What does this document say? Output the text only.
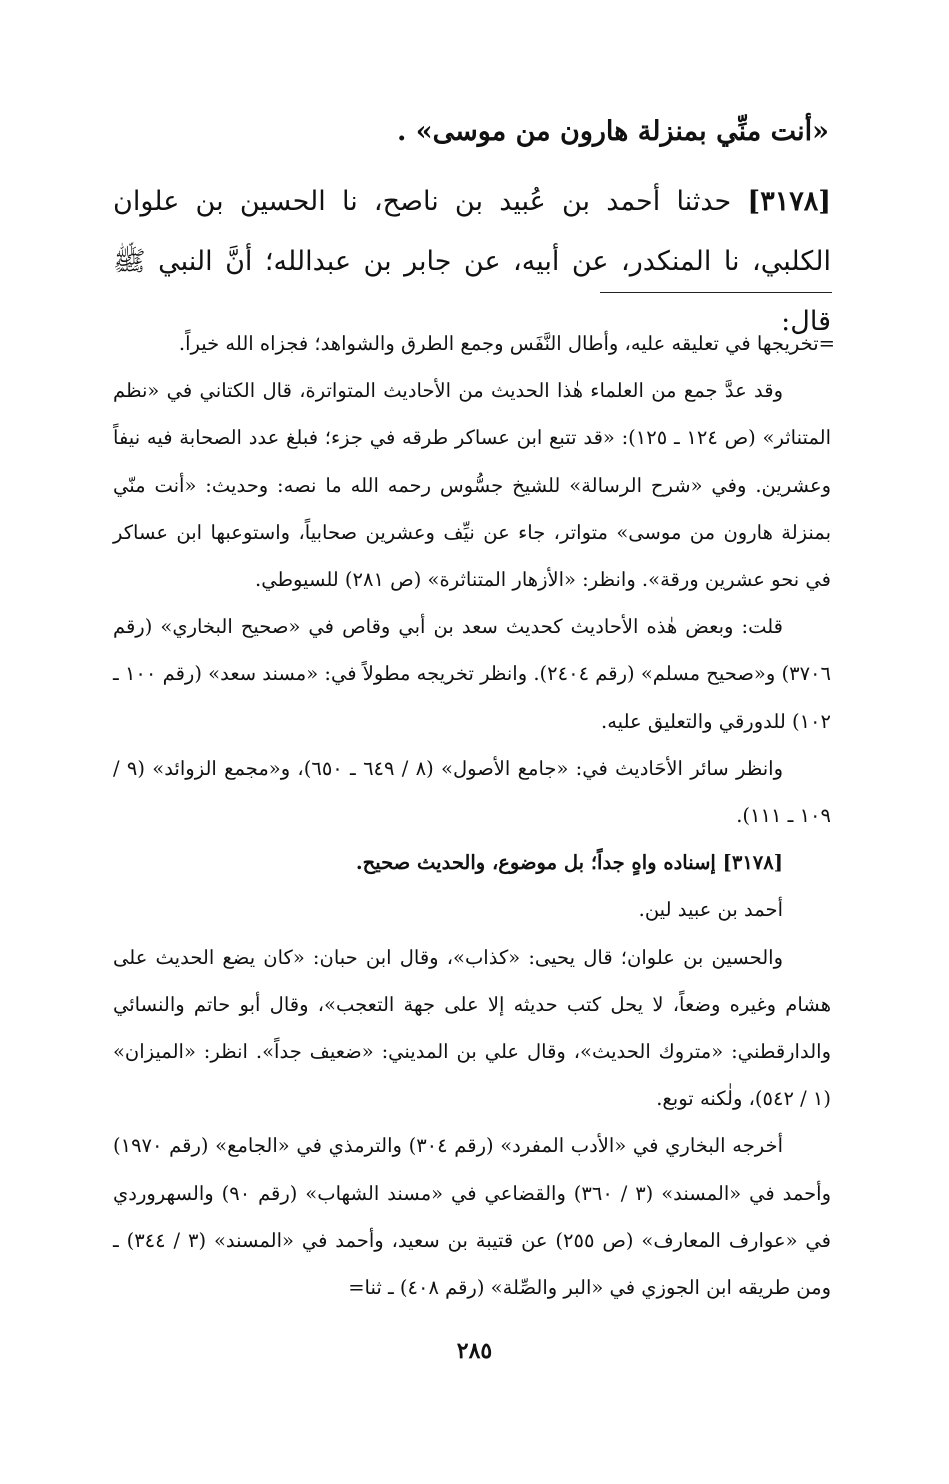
«أنت منِّي بمنزلة هارون من موسى» .
[٣١٧٨] حدثنا أحمد بن عُبيد بن ناصح، نا الحسين بن علوان الكلبي، نا المنكدر، عن أبيه، عن جابر بن عبدالله؛ أنَّ النبي ﷺ قال:

=تخريجها في تعليقه عليه، وأطال النَّفَس وجمع الطرق والشواهد؛ فجزاه الله خيراً.

وقد عدَّ جمع من العلماء هٰذا الحديث من الأحاديث المتواترة، قال الكتاني في «نظم المتناثر» (ص ١٢٤ ـ ١٢٥): «قد تتبع ابن عساكر طرقه في جزء؛ فبلغ عدد الصحابة فيه نيفاً وعشرين. وفي «شرح الرسالة» للشيخ جسُّوس رحمه الله ما نصه: وحديث: «أنت منّي بمنزلة هارون من موسى» متواتر، جاء عن نيِّف وعشرين صحابياً، واستوعبها ابن عساكر في نحو عشرين ورقة». وانظر: «الأزهار المتناثرة» (ص ٢٨١) للسيوطي.

قلت: وبعض هٰذه الأحاديث كحديث سعد بن أبي وقاص في «صحيح البخاري» (رقم ٣٧٠٦) و«صحيح مسلم» (رقم ٢٤٠٤). وانظر تخريجه مطولاً في: «مسند سعد» (رقم ١٠٠ ـ ١٠٢) للدورقي والتعليق عليه.

وانظر سائر الأحَاديث في: «جامع الأصول» (٨ / ٦٤٩ ـ ٦٥٠)، و«مجمع الزوائد» (٩ / ١٠٩ ـ ١١١).

[٣١٧٨] إسناده واهٍ جداً؛ بل موضوع، والحديث صحيح.

أحمد بن عبيد لين.

والحسين بن علوان؛ قال يحيى: «كذاب»، وقال ابن حبان: «كان يضع الحديث على هشام وغيره وضعاً، لا يحل كتب حديثه إلا على جهة التعجب»، وقال أبو حاتم والنسائي والدارقطني: «متروك الحديث»، وقال علي بن المديني: «ضعيف جداً». انظر: «الميزان» (١ / ٥٤٢)، ولٰكنه توبع.

أخرجه البخاري في «الأدب المفرد» (رقم ٣٠٤) والترمذي في «الجامع» (رقم ١٩٧٠) وأحمد في «المسند» (٣ / ٣٦٠) والقضاعي في «مسند الشهاب» (رقم ٩٠) والسهروردي في «عوارف المعارف» (ص ٢٥٥) عن قتيبة بن سعيد، وأحمد في «المسند» (٣ / ٣٤٤) ـ ومن طريقه ابن الجوزي في «البر والصِّلة» (رقم ٤٠٨) ـ ثنا=

٢٨٥
